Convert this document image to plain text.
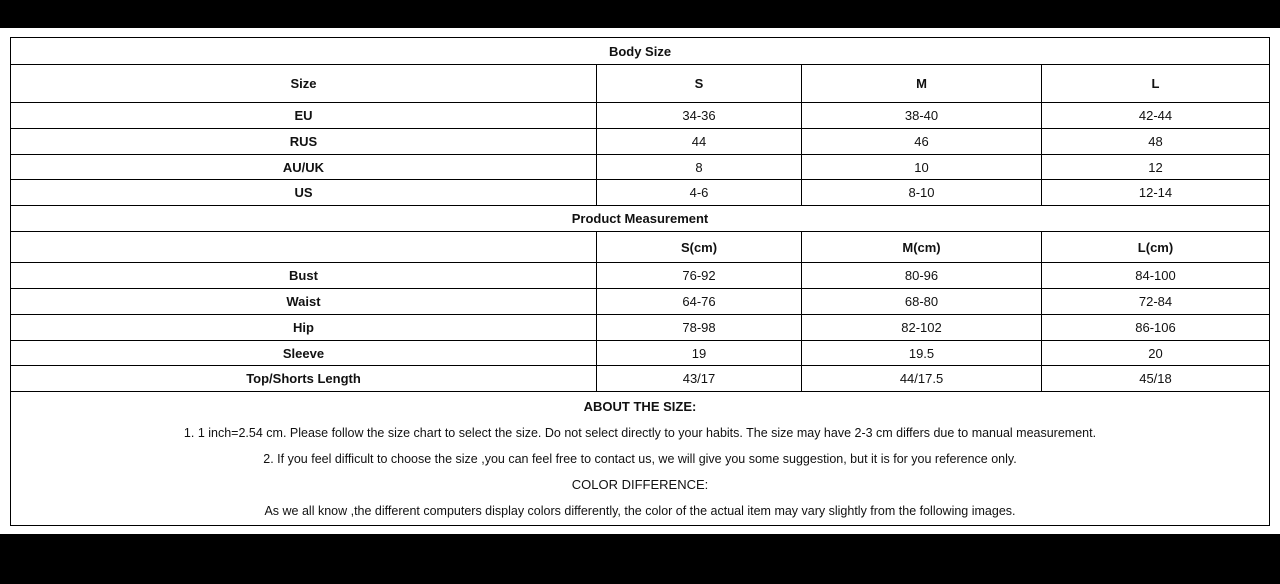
Body Size			
Size	S	M	L
EU	34-36	38-40	42-44
RUS	44	46	48
AU/UK	8	10	12
US	4-6	8-10	12-14
Product Measurement			
	S(cm)	M(cm)	L(cm)
Bust	76-92	80-96	84-100
Waist	64-76	68-80	72-84
Hip	78-98	82-102	86-106
Sleeve	19	19.5	20
Top/Shorts Length	43/17	44/17.5	45/18

ABOUT THE SIZE:
1. 1 inch=2.54 cm. Please follow the size chart to select the size. Do not select directly to your habits. The size may have 2-3 cm differs due to manual measurement.
2. If you feel difficult to choose the size ,you can feel free to contact us, we will give you some suggestion, but it is for you reference only.
COLOR DIFFERENCE:
As we all know ,the different computers display colors differently, the color of the actual item may vary slightly from the following images.			
